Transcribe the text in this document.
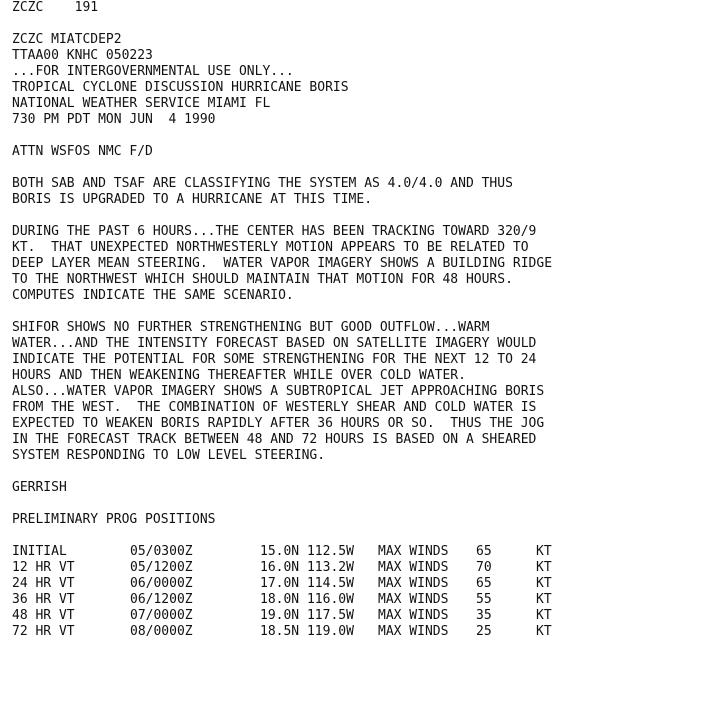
ZCZC    191
ZCZC MIATCDEP2
TTAA00 KNHC 050223
...FOR INTERGOVERNMENTAL USE ONLY...
TROPICAL CYCLONE DISCUSSION HURRICANE BORIS
NATIONAL WEATHER SERVICE MIAMI FL
730 PM PDT MON JUN  4 1990
ATTN WSFOS NMC F/D
BOTH SAB AND TSAF ARE CLASSIFYING THE SYSTEM AS 4.0/4.0 AND THUS
BORIS IS UPGRADED TO A HURRICANE AT THIS TIME.
DURING THE PAST 6 HOURS...THE CENTER HAS BEEN TRACKING TOWARD 320/9
KT.  THAT UNEXPECTED NORTHWESTERLY MOTION APPEARS TO BE RELATED TO
DEEP LAYER MEAN STEERING.  WATER VAPOR IMAGERY SHOWS A BUILDING RIDGE
TO THE NORTHWEST WHICH SHOULD MAINTAIN THAT MOTION FOR 48 HOURS.
COMPUTES INDICATE THE SAME SCENARIO.
SHIFOR SHOWS NO FURTHER STRENGTHENING BUT GOOD OUTFLOW...WARM
WATER...AND THE INTENSITY FORECAST BASED ON SATELLITE IMAGERY WOULD
INDICATE THE POTENTIAL FOR SOME STRENGTHENING FOR THE NEXT 12 TO 24
HOURS AND THEN WEAKENING THEREAFTER WHILE OVER COLD WATER.
ALSO...WATER VAPOR IMAGERY SHOWS A SUBTROPICAL JET APPROACHING BORIS
FROM THE WEST.  THE COMBINATION OF WESTERLY SHEAR AND COLD WATER IS
EXPECTED TO WEAKEN BORIS RAPIDLY AFTER 36 HOURS OR SO.  THUS THE JOG
IN THE FORECAST TRACK BETWEEN 48 AND 72 HOURS IS BASED ON A SHEARED
SYSTEM RESPONDING TO LOW LEVEL STEERING.
GERRISH
PRELIMINARY PROG POSITIONS
INITIAL	05/0300Z	15.0N 112.5W	MAX WINDS	65	KT
12 HR VT	05/1200Z	16.0N 113.2W	MAX WINDS	70	KT
24 HR VT	06/0000Z	17.0N 114.5W	MAX WINDS	65	KT
36 HR VT	06/1200Z	18.0N 116.0W	MAX WINDS	55	KT
48 HR VT	07/0000Z	19.0N 117.5W	MAX WINDS	35	KT
72 HR VT	08/0000Z	18.5N 119.0W	MAX WINDS	25	KT
